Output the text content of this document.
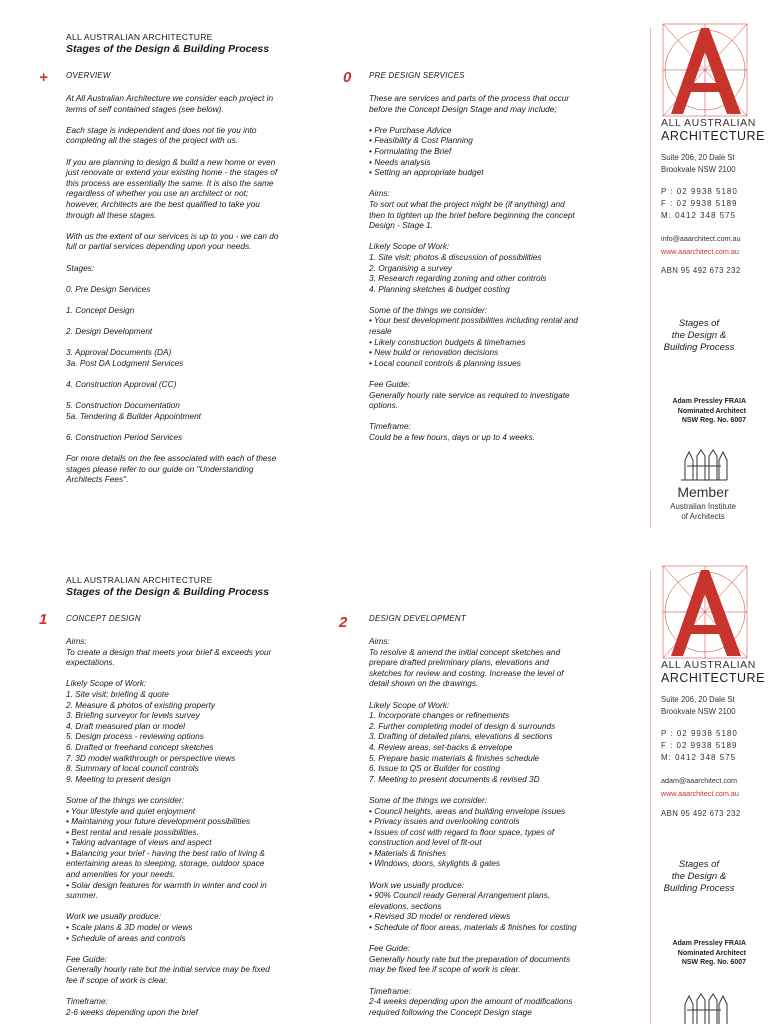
ALL AUSTRALIAN ARCHITECTURE
Stages of the Design & Building Process
+ OVERVIEW
At All Australian Architecture we consider each project in
terms of self contained stages (see below).
Each stage is independent and does not tie you into
completing all the stages of the project with us.
If you are planning to design & build a new home or even
just renovate or extend your existing home - the stages of
this process are essentially the same. It is also the same
regardless of whether you use an architect or not;
however, Architects are the best qualified to take you
through all these stages.
With us the extent of our services is up to you - we can do
full or partial services depending upon your needs.
Stages:
0. Pre Design Services
1. Concept Design
2. Design Development
3. Approval Documents (DA)
3a. Post DA Lodgment Services
4. Construction Approval (CC)
5. Construction Documentation
5a. Tendering & Builder Appointment
6. Construction Period Services
For more details on the fee associated with each of these
stages please refer to our guide on "Understanding
Architects Fees".
0 PRE DESIGN SERVICES
These are services and parts of the process that occur
before the Concept Design Stage and may include;
• Pre Purchase Advice
• Feasibility & Cost Planning
• Formulating the Brief
• Needs analysis
• Setting an appropriate budget
Aims:
To sort out what the project might be (if anything) and
then to tighten up the brief before beginning the concept
Design - Stage 1.
Likely Scope of Work:
1. Site visit; photos & discussion of possibilities
2. Organising a survey
3. Research regarding zoning and other controls
4. Planning sketches & budget costing
Some of the things we consider:
• Your best development possibilities including rental and
resale
• Likely construction budgets & timeframes
• New build or renovation decisions
• Local council controls & planning issues
Fee Guide:
Generally hourly rate service as required to investigate
options.
Timeframe:
Could be a few hours, days or up to 4 weeks.
ALL AUSTRALIAN
ARCHITECTURE
Suite 206, 20 Dale St
Brookvale NSW 2100
P : 02 9938 5180
F : 02 9938 5189
M: 0412 348 575
info@aaarchitect.com.au
www.aaarchitect.com.au
ABN 95 492 673 232
Stages of
the Design &
Building Process
Adam Pressley FRAIA
Nominated Architect
NSW Reg. No. 6007
Member
Australian Institute
of Architects
ALL AUSTRALIAN ARCHITECTURE
Stages of the Design & Building Process
1 CONCEPT DESIGN
Aims:
To create a design that meets your brief & exceeds your
expectations.
Likely Scope of Work:
1. Site visit; briefing & quote
2. Measure & photos of existing property
3. Briefing surveyor for levels survey
4. Draft measured plan or model
5. Design process - reviewing options
6. Drafted or freehand concept sketches
7. 3D model walkthrough or perspective views
8. Summary of local council controls
9. Meeting to present design
Some of the things we consider:
• Your lifestyle and quiet enjoyment
• Maintaining your future development possibilities
• Best rental and resale possibilities.
• Taking advantage of views and aspect
• Balancing your brief - having the best ratio of living &
entertaining areas to sleeping, storage, outdoor space
and amenities for your needs.
• Solar design features for warmth in winter and cool in
summer.
Work we usually produce:
• Scale plans & 3D model or views
• Schedule of areas and controls
Fee Guide:
Generally hourly rate but the initial service may be fixed
fee if scope of work is clear.
Timeframe:
2-6 weeks depending upon the brief
2	DESIGN DEVELOPMENT
Aims:
To resolve & amend the initial concept sketches and
prepare drafted preliminary plans, elevations and
sketches for review and costing. Increase the level of
detail shown on the drawings.
Likely Scope of Work:
1. Incorporate changes or refinements
2. Further completing model of design & surrounds
3. Drafting of detailed plans, elevations & sections
4. Review areas, set-backs & envelope
5. Prepare basic materials & finishes schedule
6. Issue to QS or Builder for costing
7. Meeting to present documents & revised 3D
Some of the things we consider:
• Council heights, areas and building envelope issues
• Privacy issues and overlooking controls
• Issues of cost with regard to floor space, types of
construction and level of fit-out
• Materials & finishes
• Windows, doors, skylights & gates
Work we usually produce:
• 90% Council ready General Arrangement plans,
elevations, sections
• Revised 3D model or rendered views
• Schedule of floor areas, materials & finishes for costing
Fee Guide:
Generally hourly rate but the preparation of documents
may be fixed fee if scope of work is clear.
Timeframe:
2-4 weeks depending upon the amount of modifications
required following the Concept Design stage
ALL AUSTRALIAN
ARCHITECTURE
Suite 206, 20 Dale St
Brookvale NSW 2100
P : 02 9938 5180
F : 02 9938 5189
M: 0412 348 575
adam@aaarchitect.com
www.aaarchitect.com.au
ABN 95 492 673 232
Stages of
the Design &
Building Process
Adam Pressley FRAIA
Nominated Architect
NSW Reg. No. 6007
